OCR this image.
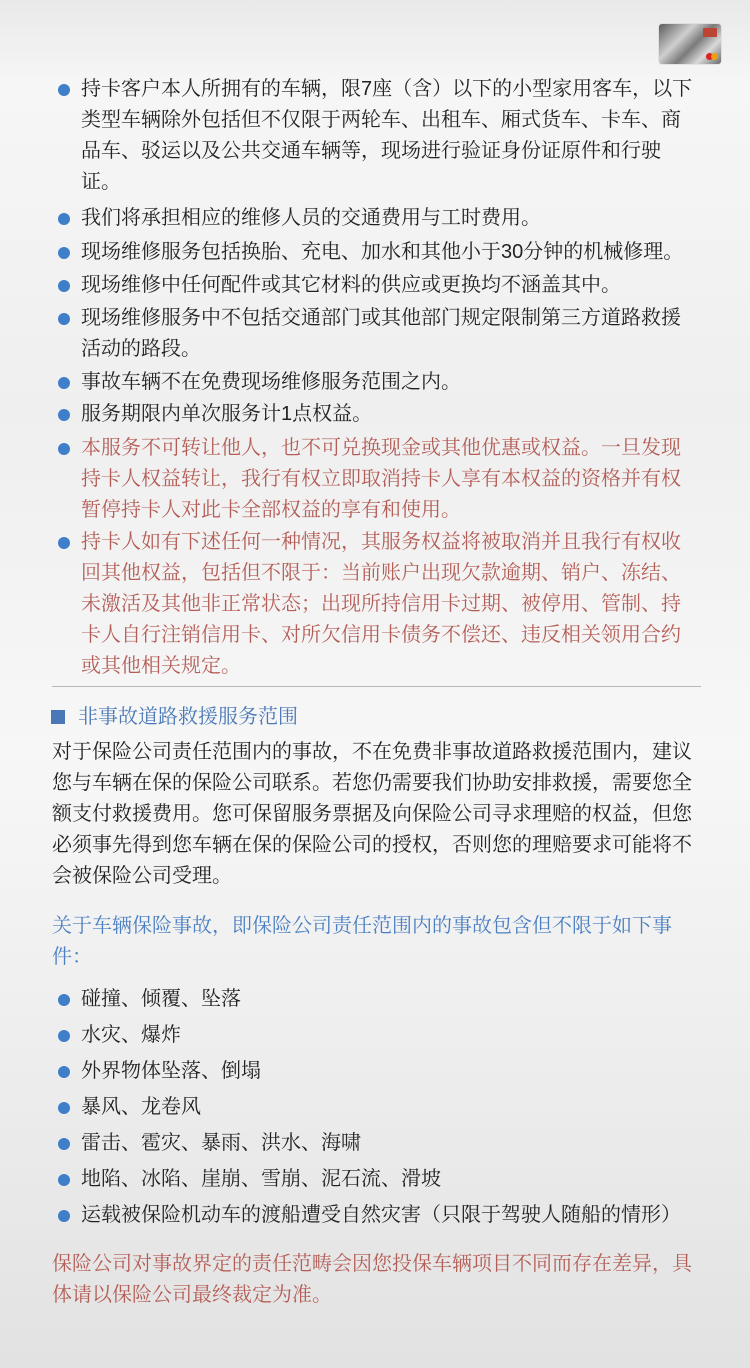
持卡客户本人所拥有的车辆，限7座（含）以下的小型家用客车，以下类型车辆除外包括但不仅限于两轮车、出租车、厢式货车、卡车、商品车、驳运以及公共交通车辆等，现场进行验证身份证原件和行驶证。
我们将承担相应的维修人员的交通费用与工时费用。
现场维修服务包括换胎、充电、加水和其他小于30分钟的机械修理。
现场维修中任何配件或其它材料的供应或更换均不涵盖其中。
现场维修服务中不包括交通部门或其他部门规定限制第三方道路救援活动的路段。
事故车辆不在免费现场维修服务范围之内。
服务期限内单次服务计1点权益。
本服务不可转让他人，也不可兑换现金或其他优惠或权益。一旦发现持卡人权益转让，我行有权立即取消持卡人享有本权益的资格并有权暂停持卡人对此卡全部权益的享有和使用。
持卡人如有下述任何一种情况，其服务权益将被取消并且我行有权收回其他权益，包括但不限于：当前账户出现欠款逾期、销户、冻结、未激活及其他非正常状态；出现所持信用卡过期、被停用、管制、持卡人自行注销信用卡、对所欠信用卡债务不偿还、违反相关领用合约或其他相关规定。
非事故道路救援服务范围
对于保险公司责任范围内的事故，不在免费非事故道路救援范围内，建议您与车辆在保的保险公司联系。若您仍需要我们协助安排救援，需要您全额支付救援费用。您可保留服务票据及向保险公司寻求理赔的权益，但您必须事先得到您车辆在保的保险公司的授权，否则您的理赔要求可能将不会被保险公司受理。
关于车辆保险事故，即保险公司责任范围内的事故包含但不限于如下事件：
碰撞、倾覆、坠落
水灾、爆炸
外界物体坠落、倒塌
暴风、龙卷风
雷击、雹灾、暴雨、洪水、海啸
地陷、冰陷、崖崩、雪崩、泥石流、滑坡
运载被保险机动车的渡船遭受自然灾害（只限于驾驶人随船的情形）
保险公司对事故界定的责任范畴会因您投保车辆项目不同而存在差异，具体请以保险公司最终裁定为准。
